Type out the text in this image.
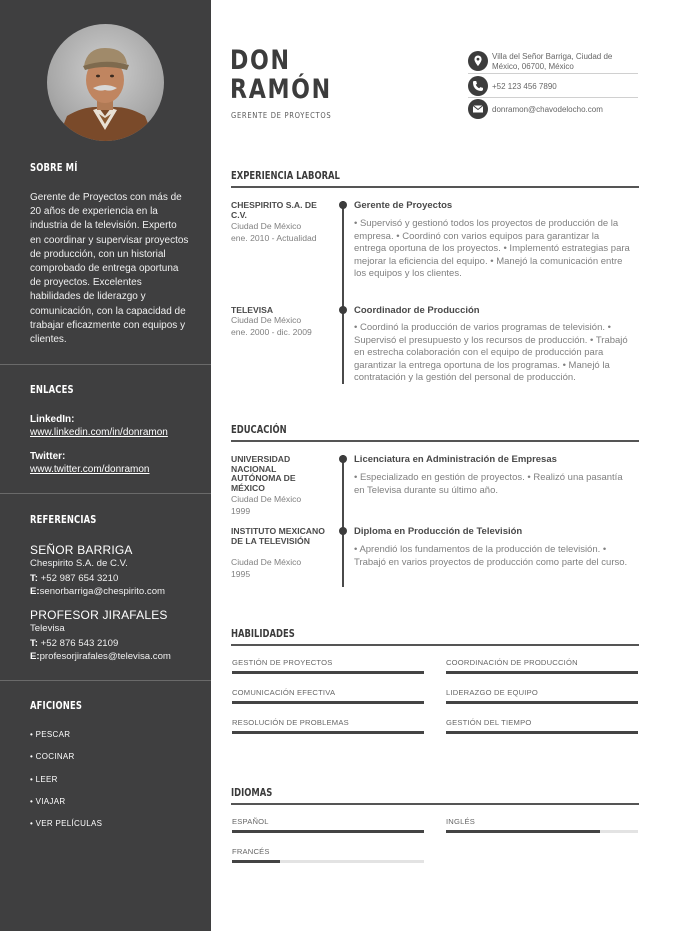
SOBRE MÍ
Gerente de Proyectos con más de 20 años de experiencia en la industria de la televisión. Experto en coordinar y supervisar proyectos de producción, con un historial comprobado de entrega oportuna de proyectos. Excelentes habilidades de liderazgo y comunicación, con la capacidad de trabajar eficazmente con equipos y clientes.
ENLACES
LinkedIn:
www.linkedin.com/in/donramon
Twitter:
www.twitter.com/donramon
REFERENCIAS
SEÑOR BARRIGA
Chespirito S.A. de C.V.
T: +52 987 654 3210
E:senorbarriga@chespirito.com
PROFESOR JIRAFALES
Televisa
T: +52 876 543 2109
E:profesorjirafales@televisa.com
AFICIONES
• PESCAR
• COCINAR
• LEER
• VIAJAR
• VER PELÍCULAS
DON
RAMÓN
GERENTE DE PROYECTOS
Villa del Señor Barriga, Ciudad de México, 06700, México
+52 123 456 7890
donramon@chavodelocho.com
EXPERIENCIA LABORAL
CHESPIRITO S.A. DE C.V.
Ciudad De México
ene. 2010 - Actualidad
Gerente de Proyectos
• Supervisó y gestionó todos los proyectos de producción de la empresa. • Coordinó con varios equipos para garantizar la entrega oportuna de los proyectos. • Implementó estrategias para mejorar la eficiencia del equipo. • Manejó la comunicación entre los equipos y los clientes.
TELEVISA
Ciudad De México
ene. 2000 - dic. 2009
Coordinador de Producción
• Coordinó la producción de varios programas de televisión. • Supervisó el presupuesto y los recursos de producción. • Trabajó en estrecha colaboración con el equipo de producción para garantizar la entrega oportuna de los programas. • Manejó la contratación y la gestión del personal de producción.
EDUCACIÓN
UNIVERSIDAD NACIONAL AUTÓNOMA DE MÉXICO
Ciudad De México
1999
Licenciatura en Administración de Empresas
• Especializado en gestión de proyectos. • Realizó una pasantía en Televisa durante su último año.
INSTITUTO MEXICANO DE LA TELEVISIÓN
Ciudad De México
1995
Diploma en Producción de Televisión
• Aprendió los fundamentos de la producción de televisión. • Trabajó en varios proyectos de producción como parte del curso.
HABILIDADES
GESTIÓN DE PROYECTOS	COORDINACIÓN DE PRODUCCIÓN
COMUNICACIÓN EFECTIVA	LIDERAZGO DE EQUIPO
RESOLUCIÓN DE PROBLEMAS	GESTIÓN DEL TIEMPO
IDIOMAS
ESPAÑOL	INGLÉS
FRANCÉS
